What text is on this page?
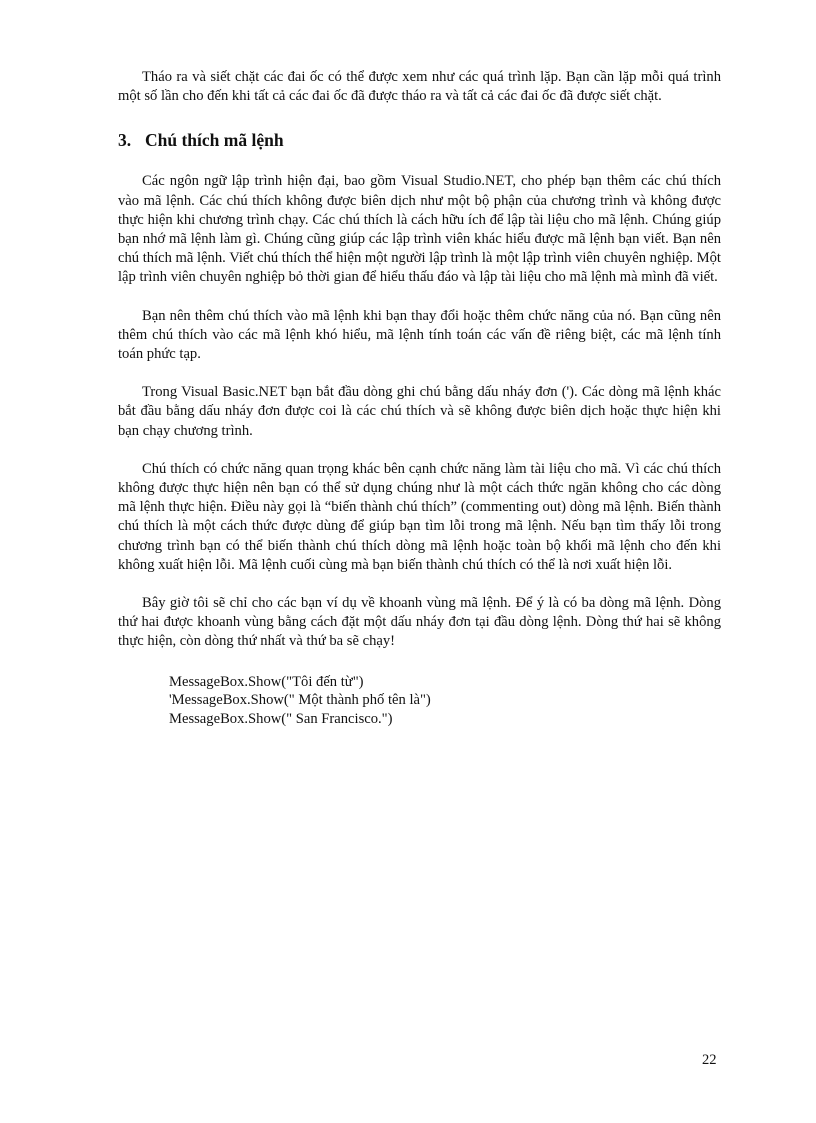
Tháo ra và siết chặt các đai ốc có thể được xem như các quá trình lặp. Bạn cần lặp mỗi quá trình một số lần cho đến khi tất cả các đai ốc đã được tháo ra và tất cả các đai ốc đã được siết chặt.

3. Chú thích mã lệnh

Các ngôn ngữ lập trình hiện đại, bao gồm Visual Studio.NET, cho phép bạn thêm các chú thích vào mã lệnh. Các chú thích không được biên dịch như một bộ phận của chương trình và không được thực hiện khi chương trình chạy. Các chú thích là cách hữu ích để lập tài liệu cho mã lệnh. Chúng giúp bạn nhớ mã lệnh làm gì. Chúng cũng giúp các lập trình viên khác hiểu được mã lệnh bạn viết. Bạn nên chú thích mã lệnh. Viết chú thích thể hiện một người lập trình là một lập trình viên chuyên nghiệp. Một lập trình viên chuyên nghiệp bỏ thời gian để hiểu thấu đáo và lập tài liệu cho mã lệnh mà mình đã viết.

Bạn nên thêm chú thích vào mã lệnh khi bạn thay đổi hoặc thêm chức năng của nó. Bạn cũng nên thêm chú thích vào các mã lệnh khó hiểu, mã lệnh tính toán các vấn đề riêng biệt, các mã lệnh tính toán phức tạp.

Trong Visual Basic.NET bạn bắt đầu dòng ghi chú bằng dấu nháy đơn ('). Các dòng mã lệnh khác bắt đầu bằng dấu nháy đơn được coi là các chú thích và sẽ không được biên dịch hoặc thực hiện khi bạn chạy chương trình.

Chú thích có chức năng quan trọng khác bên cạnh chức năng làm tài liệu cho mã. Vì các chú thích không được thực hiện nên bạn có thể sử dụng chúng như là một cách thức ngăn không cho các dòng mã lệnh thực hiện. Điều này gọi là “biến thành chú thích” (commenting out) dòng mã lệnh. Biến thành chú thích là một cách thức được dùng để giúp bạn tìm lỗi trong mã lệnh. Nếu bạn tìm thấy lỗi trong chương trình bạn có thể biến thành chú thích dòng mã lệnh hoặc toàn bộ khối mã lệnh cho đến khi không xuất hiện lỗi. Mã lệnh cuối cùng mà bạn biến thành chú thích có thể là nơi xuất hiện lỗi.

Bây giờ tôi sẽ chỉ cho các bạn ví dụ về khoanh vùng mã lệnh. Để ý là có ba dòng mã lệnh. Dòng thứ hai được khoanh vùng bằng cách đặt một dấu nháy đơn tại đầu dòng lệnh. Dòng thứ hai sẽ không thực hiện, còn dòng thứ nhất và thứ ba sẽ chạy!

MessageBox.Show("Tôi đến từ")
'MessageBox.Show(" Một thành phố tên là")
MessageBox.Show(" San Francisco.")
22
